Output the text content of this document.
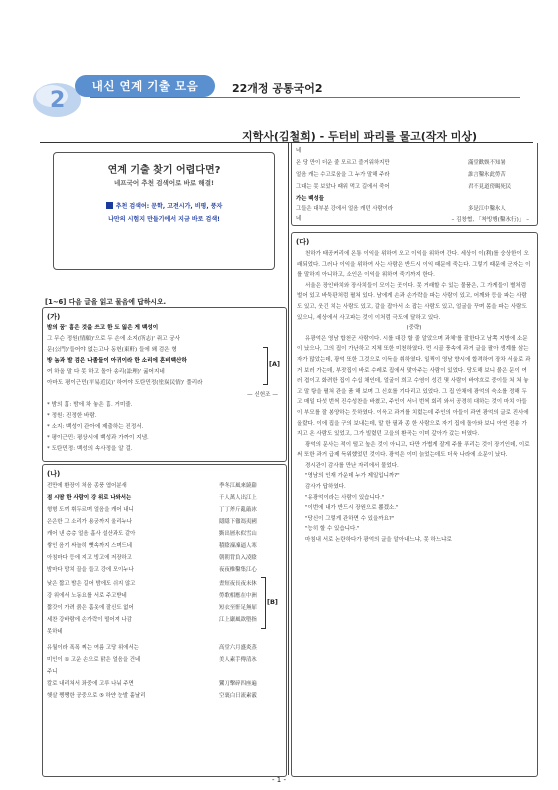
2
내신 연계 기출 모음	22개정 공통국어2
지학사(김철희) - 두터비 파리를 물고(작자 미상)
연계 기출 찾기 어렵다면?
네프국어 추천 검색어로 바로 해결!
추천 검색어: 문학, 고전시가, 비평, 풍자
나만의 시험지 만들기에서 지금 바로 검색!
[1~6] 다음 글을 읽고 물음에 답하시오.
(가)
밤의 꿈' 흉은 것을 쓰고 한 도 잃은 게 백성이
그 무슨 정원(情願)'으로 두 손에 소지(所志)' 쥐고 궁사
문(公門)'들어야 없는고나 동헌(東軒) 들에 왜 검은 형
방 놈과 발 검은 나졸들이 아귀이라 한 소리에 혼비백산하
여 하올 말 다 못 하고 돌아 송리(訟理)' 굶어지네
아마도 평이근민(平易近民)' 하여야 도탄민정(塗炭民情)' 풀리라
— 신헌조 —
[A]
* 밤의 흉: 밤에 차 놓은 흉. 거미줄.
* 정원: 진정한 바람.
* 소지: 백성이 관아에 제출하는 진정서.
* 평이근민: 평상시에 백성과 가까이 지냄.
* 도탄민정: 백성의 속사정을 알 걸.
(나)
전만에 환장이 처음 종풍 엽어분새	季冬江風來繞谿
점 시땀 한 사람이 강 위로 나와서는	千人萬人出江上
형형 도끼 휘두르며 얼음을 캐어 내니	丁丁斧斤亂敲冰
은은한 그 소리가 용궁까지 울리누나	隱隱下徹馮夷國
캐어 낸 층층 얼음 흡사 설산과도 같아	斵出層氷似雪山
쌓인 음기 싸늘히 뼛속까지 스며드네	積陰凜凜逼人寒
아침마다 등에 지고 빙고에 저장하고	朝朝背負入凌陰
밤마다 망치 끌을 들고 강에 모이누나	夜夜椎鑿集江心
낮은 짧고 밤은 길어 밤에도 쉬지 않고	晝短夜長夜未休
강 위에서 노동요를 서로 주고받네	勞歌相應在中洲
짧갓이 가려 붉은 홈옷에 잘신도 없어	短衣至骭足無屝
세찬 강바람에 손가락이 떨어져 나감	江上嚴風欲墮指
못하네
유월이라 폭폭 찌는 여름 고당 위에서는	高堂六月盛炎蒸
미인이 ① 고운 손으로 맑은 얼음을 건네	美人素手傳清氷
주니
칼로 내리쳐서 좌중에 고루 나눠 주면	鸞刀擊碎四座遍
햇살 쨍쨍한 공중으로 ⑤ 하얀 눈발 흩날리	空裏白日流素霰
[B]
네
온 당 만이 더운 줄 모르고 즐거워하지만	滿堂歡娛不知暑
얼음 캐는 수고로움을 그 누가 말해 주라	誰言鑿氷此勞苦
그대는 못 보았나 때위 먹고 길에서 죽어	君不見道傍暍死民
가는 백성들
그들은 대부분 강에서 얼음 캐던 사람이라	多是江中鑿氷人
네	– 김창협, 「착빙행(鑿氷行)」 –
(다)

천하가 태공커리에 온통 이익을 위하여 오고 이익을 위하여 간다. 세상이 이(利)를 숭상한이 오래되었다. 그러나 이익을 위하여 사는 사람은 반드시 이익 때문에 죽는다. 그렇기 때문에 군자는 이를 말하지 아니하고, 소인은 이익을 위하여 죽기까지 한다.

서울은 장인바치와 장사치들이 모이는 곳이다. 못 거래할 수 있는 물품은, 그 가게들이 별처럼 벌어 있고 바둑판처럼 펼쳐 있다. 남에게 손과 손가락을 파는 사람이 있고, 어깨와 등을 파는 사람도 있고, 웃긴 치는 사람도 있고, 갈을 잡아서 소 잡는 사람도 있고, 얼굴을 꾸며 몸을 파는 사람도 있으니, 세상에서 사고파는 것이 이처럼 극도에 달하고 있다.

(중략)

유광억은 영남 합천군 사람이다. 시를 대강 할 줄 알았으며 과체'를 잘한다고 남쪽 지방에 소문이 났으나, 그의 집이 가난하고 지체 또한 미천하였다. 먼 시골 풍속에 과거 글을 팔아 생계를 삼는 자가 많았는데, 광억 또한 그것으로 이득을 취하였다. 일찍이 영남 향시에 합격하여 장차 서울로 과거 보러 가는데, 부잣집이 바로 수레로 집에서 맞아주는 사람이 있었다. 당도해 보니 붉은 문이 여러 겹이고 화려한 집이 수십 채인데, 얼굴이 희고 수염이 성긴 몇 사람이 바야흐로 중이들 쳐 쳐 놓고 말 탕을 펼쳐 관을 품 해 보며 그 신호를 기다리고 있었다. 그 집 안채에 광억의 숙소를 정해 두고 매일 다섯 번씩 진수성찬을 바쳤고, 주인이 서너 번씩 회리 와서 공경히 대하는 것이 마치 아들이 부모를 잘 봉양하는 듯하였다. 이윽고 과거를 치렀는데 주인의 아들이 과연 광억의 글로 진사에 올랐다. 이에 집을 구의 보내는데, 말 한 필과 종 한 사람으로 자기 집에 돌아와 보니 아연 전송 가지고 온 사람도 있었고, 그가 빌렸던 고을의 환곡는 이미 갚아가 갔는 터였다.

광억의 문사는 적이 떨고 높은 것이 아니고, 다만 가볍게 잘게 주를 푸리는 것이 장기인데, 이로써 또한 과거 급제 득위했었던 것이다. 광억은 이미 늙었는데도 더욱 나라에 소문이 났다.

경시관이 감사를 만난 자리에서 물었다.

"영남의 인재 가운데 누가 제일입니까?"

감사가 답하였다.

"유광억이라는 사람이 있습니다."

"이번에 내가 반드시 장원으로 뽑겠소."

"당신이 그렇게 관하면 수 있을까요?"

"능히 할 수 있습니다."

마침내 서로 논란하다가 광억의 글을 알아내느냐, 못 하느냐로

- 1 -
